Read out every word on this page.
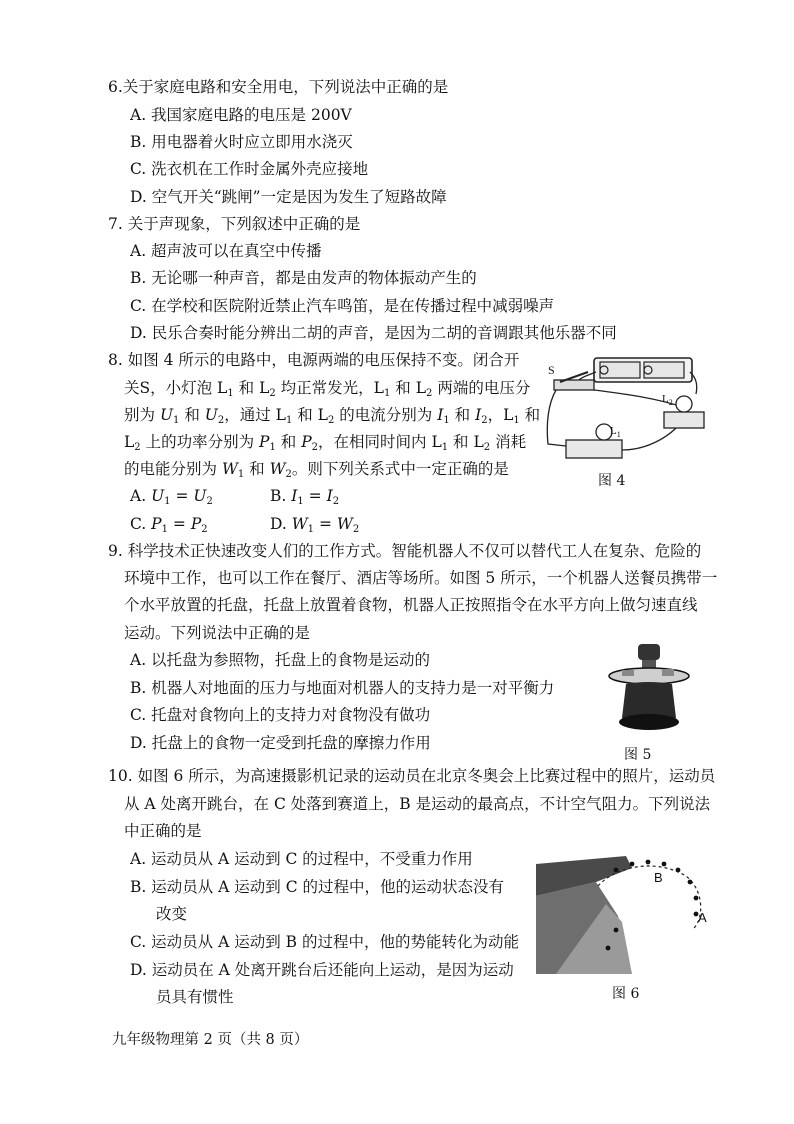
6.关于家庭电路和安全用电，下列说法中正确的是
A. 我国家庭电路的电压是 200V
B. 用电器着火时应立即用水浇灭
C. 洗衣机在工作时金属外壳应接地
D. 空气开关“跳闸”一定是因为发生了短路故障
7. 关于声现象，下列叙述中正确的是
A. 超声波可以在真空中传播
B. 无论哪一种声音，都是由发声的物体振动产生的
C. 在学校和医院附近禁止汽车鸣笛，是在传播过程中减弱噪声
D. 民乐合奏时能分辨出二胡的声音，是因为二胡的音调跟其他乐器不同
8. 如图 4 所示的电路中，电源两端的电压保持不变。闭合开
关S，小灯泡 $L_1$ 和 $L_2$ 均正常发光，$L_1$ 和 $L_2$ 两端的电压分
别为 $U_1$ 和 $U_2$，通过 $L_1$ 和 $L_2$ 的电流分别为 $I_1$ 和 $I_2$，$L_1$ 和
$L_2$ 上的功率分别为 $P_1$ 和 $P_2$，在相同时间内 $L_1$ 和 $L_2$ 消耗
的电能分别为 $W_1$ 和 $W_2$。则下列关系式中一定正确的是
A. $U_1 = U_2$	B. $I_1 = I_2$
C. $P_1 = P_2$	D. $W_1 = W_2$
S
$L_2$
$L_1$
图 4
9. 科学技术正快速改变人们的工作方式。智能机器人不仅可以替代工人在复杂、危险的
环境中工作，也可以工作在餐厅、酒店等场所。如图 5 所示，一个机器人送餐员携带一
个水平放置的托盘，托盘上放置着食物，机器人正按照指令在水平方向上做匀速直线
运动。下列说法中正确的是
A. 以托盘为参照物，托盘上的食物是运动的
B. 机器人对地面的压力与地面对机器人的支持力是一对平衡力
C. 托盘对食物向上的支持力对食物没有做功
D. 托盘上的食物一定受到托盘的摩擦力作用
图 5
10. 如图 6 所示，为高速摄影机记录的运动员在北京冬奥会上比赛过程中的照片，运动员
从 A 处离开跳台，在 C 处落到赛道上，B 是运动的最高点，不计空气阻力。下列说法
中正确的是
A. 运动员从 A 运动到 C 的过程中，不受重力作用
B. 运动员从 A 运动到 C 的过程中，他的运动状态没有
改变
C. 运动员从 A 运动到 B 的过程中，他的势能转化为动能
D. 运动员在 A 处离开跳台后还能向上运动，是因为运动
员具有惯性
B
A
C
图 6
九年级物理第 2 页（共 8 页）
